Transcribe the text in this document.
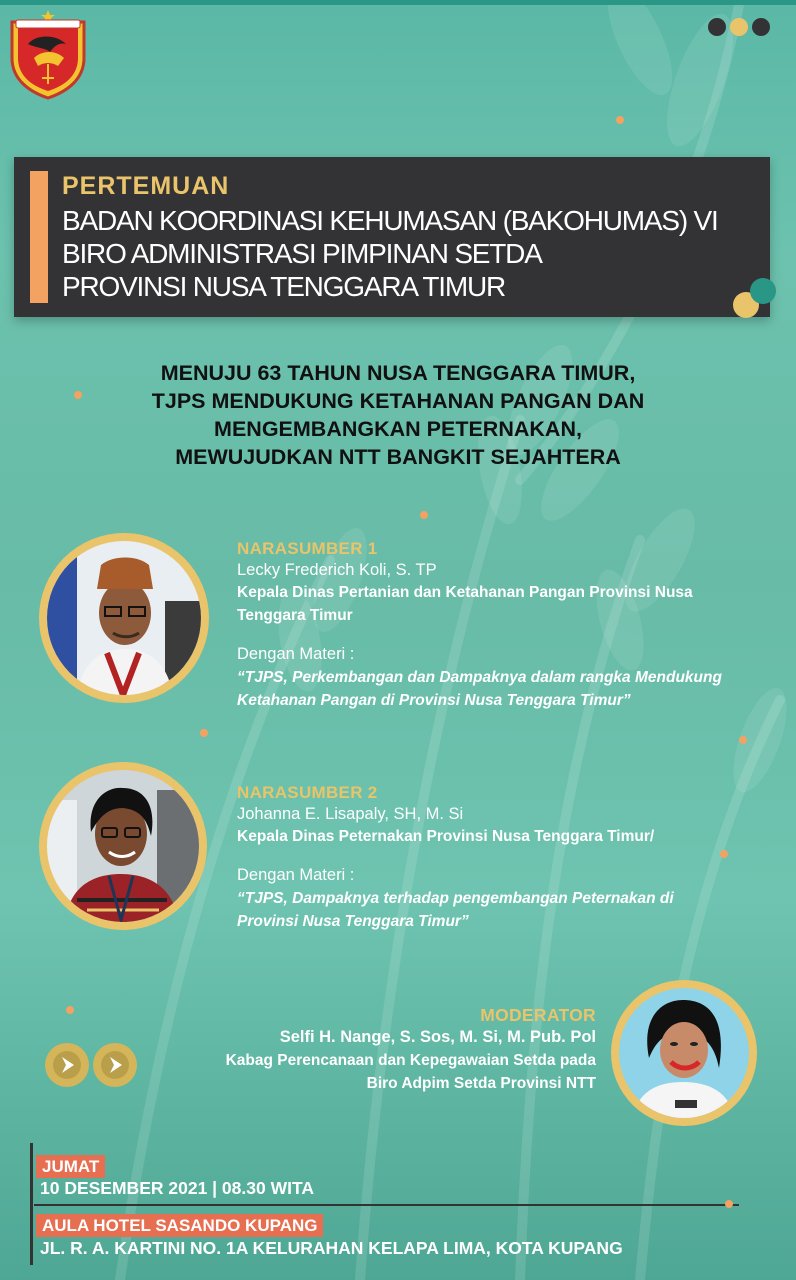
PERTEMUAN
BADAN KOORDINASI KEHUMASAN (BAKOHUMAS) VI
BIRO ADMINISTRASI PIMPINAN SETDA
PROVINSI NUSA TENGGARA TIMUR
MENUJU 63 TAHUN NUSA TENGGARA TIMUR,
TJPS MENDUKUNG KETAHANAN PANGAN DAN
MENGEMBANGKAN PETERNAKAN,
MEWUJUDKAN NTT BANGKIT SEJAHTERA
NARASUMBER 1
Lecky Frederich Koli, S. TP
Kepala Dinas Pertanian dan Ketahanan Pangan Provinsi Nusa
Tenggara Timur
Dengan Materi :
“TJPS, Perkembangan dan Dampaknya dalam rangka Mendukung
Ketahanan Pangan di Provinsi Nusa Tenggara Timur”
NARASUMBER 2
Johanna E. Lisapaly, SH, M. Si
Kepala Dinas Peternakan Provinsi Nusa Tenggara Timur/
Dengan Materi :
“TJPS, Dampaknya terhadap pengembangan Peternakan di
Provinsi Nusa Tenggara Timur”
MODERATOR
Selfi H. Nange, S. Sos, M. Si, M. Pub. Pol
Kabag Perencanaan dan Kepegawaian Setda pada
Biro Adpim Setda Provinsi NTT
JUMAT
10 DESEMBER 2021 | 08.30 WITA
AULA HOTEL SASANDO KUPANG
JL. R. A. KARTINI NO. 1A KELURAHAN KELAPA LIMA, KOTA KUPANG
